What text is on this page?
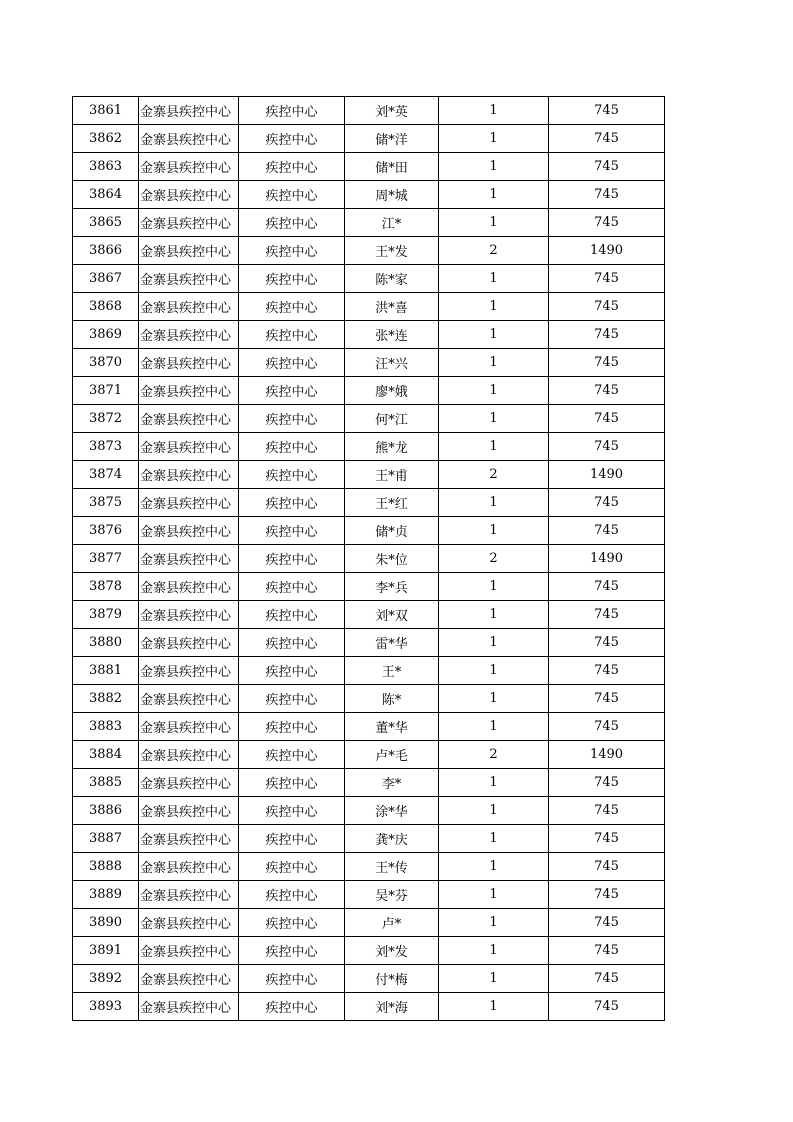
3861	金寨县疾控中心	疾控中心	刘*英	1	745
3862	金寨县疾控中心	疾控中心	储*洋	1	745
3863	金寨县疾控中心	疾控中心	储*田	1	745
3864	金寨县疾控中心	疾控中心	周*城	1	745
3865	金寨县疾控中心	疾控中心	江*	1	745
3866	金寨县疾控中心	疾控中心	王*发	2	1490
3867	金寨县疾控中心	疾控中心	陈*家	1	745
3868	金寨县疾控中心	疾控中心	洪*喜	1	745
3869	金寨县疾控中心	疾控中心	张*连	1	745
3870	金寨县疾控中心	疾控中心	汪*兴	1	745
3871	金寨县疾控中心	疾控中心	廖*娥	1	745
3872	金寨县疾控中心	疾控中心	何*江	1	745
3873	金寨县疾控中心	疾控中心	熊*龙	1	745
3874	金寨县疾控中心	疾控中心	王*甫	2	1490
3875	金寨县疾控中心	疾控中心	王*红	1	745
3876	金寨县疾控中心	疾控中心	储*贞	1	745
3877	金寨县疾控中心	疾控中心	朱*位	2	1490
3878	金寨县疾控中心	疾控中心	李*兵	1	745
3879	金寨县疾控中心	疾控中心	刘*双	1	745
3880	金寨县疾控中心	疾控中心	雷*华	1	745
3881	金寨县疾控中心	疾控中心	王*	1	745
3882	金寨县疾控中心	疾控中心	陈*	1	745
3883	金寨县疾控中心	疾控中心	董*华	1	745
3884	金寨县疾控中心	疾控中心	卢*毛	2	1490
3885	金寨县疾控中心	疾控中心	李*	1	745
3886	金寨县疾控中心	疾控中心	涂*华	1	745
3887	金寨县疾控中心	疾控中心	龚*庆	1	745
3888	金寨县疾控中心	疾控中心	王*传	1	745
3889	金寨县疾控中心	疾控中心	吴*芬	1	745
3890	金寨县疾控中心	疾控中心	卢*	1	745
3891	金寨县疾控中心	疾控中心	刘*发	1	745
3892	金寨县疾控中心	疾控中心	付*梅	1	745
3893	金寨县疾控中心	疾控中心	刘*海	1	745
